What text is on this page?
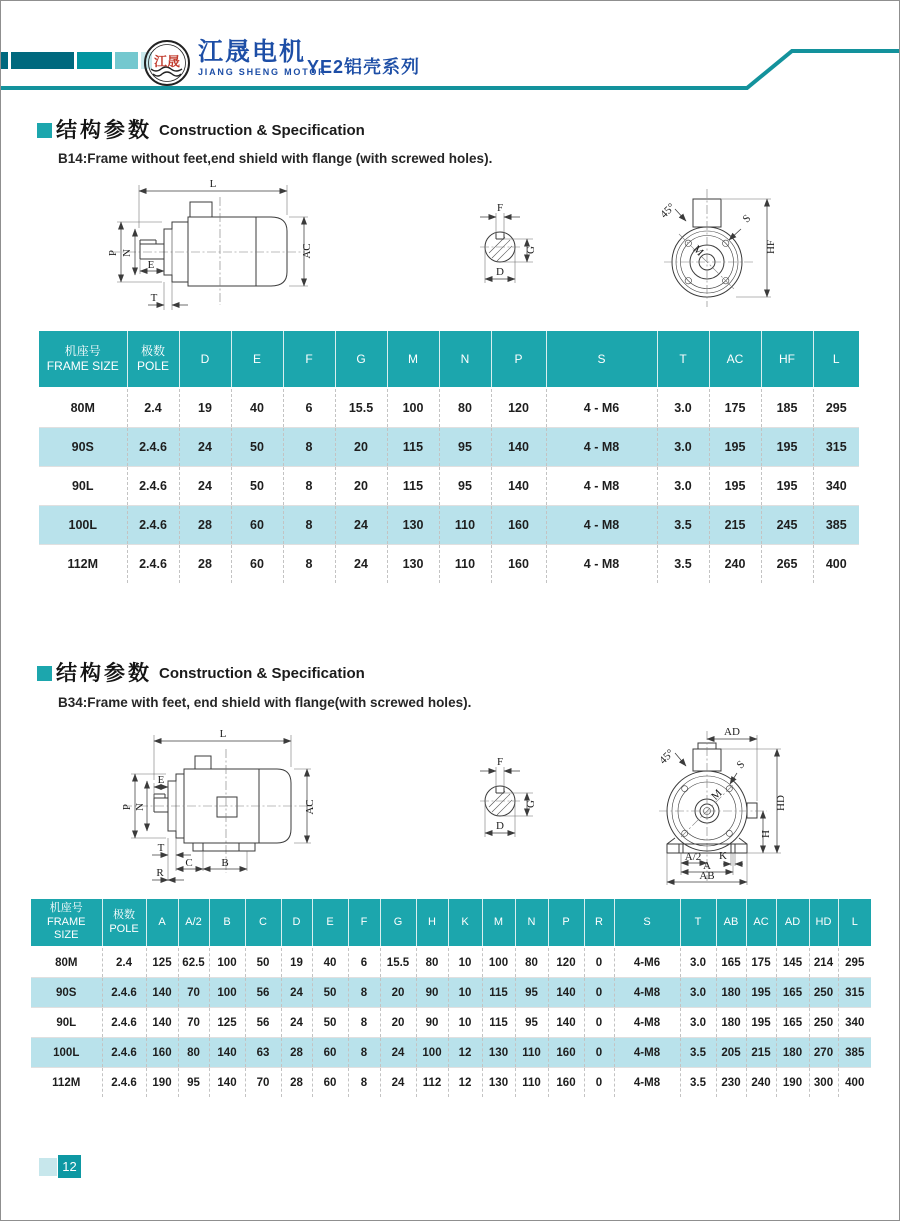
江晟 江晟电机
JIANG SHENG MOTOR
YE2铝壳系列
结构参数 Construction & Specification
B14:Frame without feet,end shield with flange (with screwed holes).
L
P N
E
T
AC
F
G
D
M
45°	S
HF
机座号
FRAME SIZE

极数
POLE

D	E	F	G	M	N	P	S	T	AC	HF	L

80M	2.4	19	40	6	15.5	100	80	120	4 - M6	3.0	175	185	295
90S	2.4.6	24	50	8	20	115	95	140	4 - M8	3.0	195	195	315
90L	2.4.6	24	50	8	20	115	95	140	4 - M8	3.0	195	195	340
100L	2.4.6	28	60	8	24	130	110	160	4 - M8	3.5	215	245	385
112M	2.4.6	28	60	8	24	130	110	160	4 - M8	3.5	240	265	400
结构参数 Construction & Specification
B34:Frame with feet, end shield with flange(with screwed holes).
L
E
P N	AC
T
C	B
R
F
G
D
M
45°	S
AD
HD
H
A/2 K
A
AB
机座号
FRAME
SIZE

极数
POLE

A	A/2	B	C	D	E	F	G	H	K	M	N	P	R	S	T	AB	AC	AD	HD	L

80M	2.4	125	62.5	100	50	19	40	6	15.5	80	10	100	80	120	0	4-M6	3.0	165	175	145	214	295
90S	2.4.6	140	70	100	56	24	50	8	20	90	10	115	95	140	0	4-M8	3.0	180	195	165	250	315
90L	2.4.6	140	70	125	56	24	50	8	20	90	10	115	95	140	0	4-M8	3.0	180	195	165	250	340
100L	2.4.6	160	80	140	63	28	60	8	24	100	12	130	110	160	0	4-M8	3.5	205	215	180	270	385
112M	2.4.6	190	95	140	70	28	60	8	24	112	12	130	110	160	0	4-M8	3.5	230	240	190	300	400
12
